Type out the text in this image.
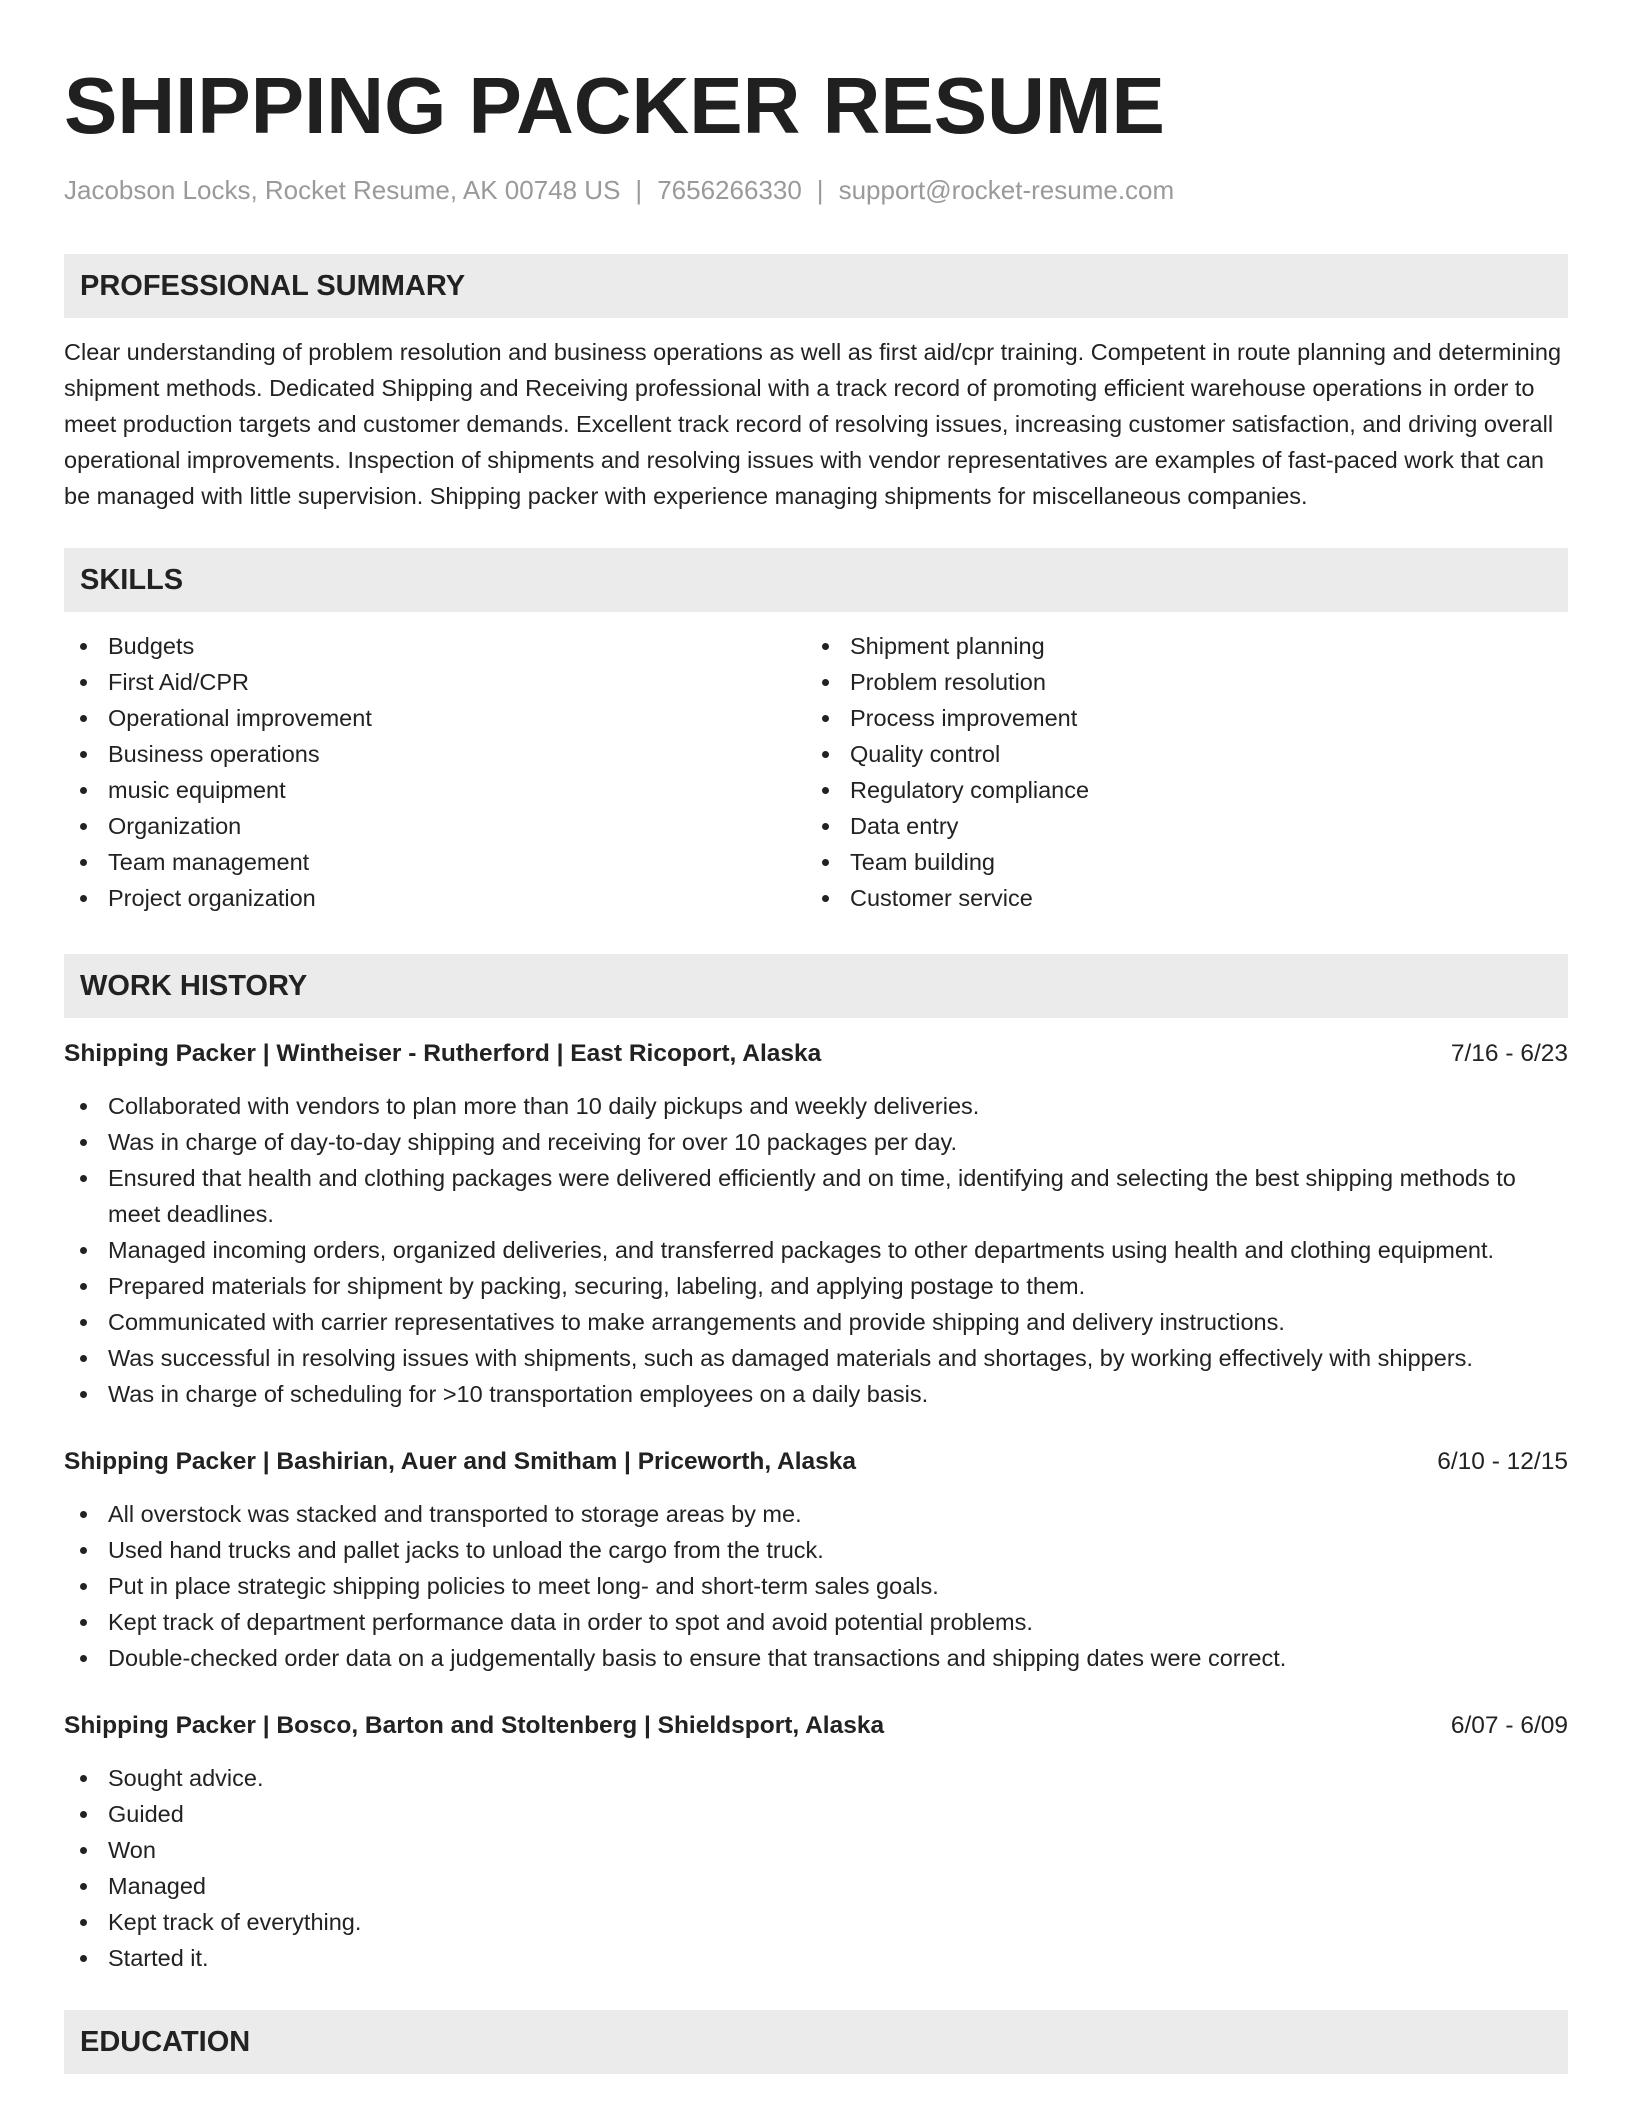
SHIPPING PACKER RESUME
Jacobson Locks, Rocket Resume, AK 00748 US | 7656266330 | support@rocket-resume.com
PROFESSIONAL SUMMARY

Clear understanding of problem resolution and business operations as well as first aid/cpr training. Competent in route planning and determining shipment methods. Dedicated Shipping and Receiving professional with a track record of promoting efficient warehouse operations in order to meet production targets and customer demands. Excellent track record of resolving issues, increasing customer satisfaction, and driving overall operational improvements. Inspection of shipments and resolving issues with vendor representatives are examples of fast-paced work that can be managed with little supervision. Shipping packer with experience managing shipments for miscellaneous companies.

SKILLS
Budgets
First Aid/CPR
Operational improvement
Business operations
music equipment
Organization
Team management
Project organization
Shipment planning
Problem resolution
Process improvement
Quality control
Regulatory compliance
Data entry
Team building
Customer service
WORK HISTORY
Shipping Packer | Wintheiser - Rutherford | East Ricoport, Alaska	7/16 - 6/23
Collaborated with vendors to plan more than 10 daily pickups and weekly deliveries.
Was in charge of day-to-day shipping and receiving for over 10 packages per day.
Ensured that health and clothing packages were delivered efficiently and on time, identifying and selecting the best shipping methods to meet deadlines.
Managed incoming orders, organized deliveries, and transferred packages to other departments using health and clothing equipment.
Prepared materials for shipment by packing, securing, labeling, and applying postage to them.
Communicated with carrier representatives to make arrangements and provide shipping and delivery instructions.
Was successful in resolving issues with shipments, such as damaged materials and shortages, by working effectively with shippers.
Was in charge of scheduling for >10 transportation employees on a daily basis.
Shipping Packer | Bashirian, Auer and Smitham | Priceworth, Alaska	6/10 - 12/15
All overstock was stacked and transported to storage areas by me.
Used hand trucks and pallet jacks to unload the cargo from the truck.
Put in place strategic shipping policies to meet long- and short-term sales goals.
Kept track of department performance data in order to spot and avoid potential problems.
Double-checked order data on a judgementally basis to ensure that transactions and shipping dates were correct.
Shipping Packer | Bosco, Barton and Stoltenberg | Shieldsport, Alaska	6/07 - 6/09
Sought advice.
Guided
Won
Managed
Kept track of everything.
Started it.
EDUCATION
